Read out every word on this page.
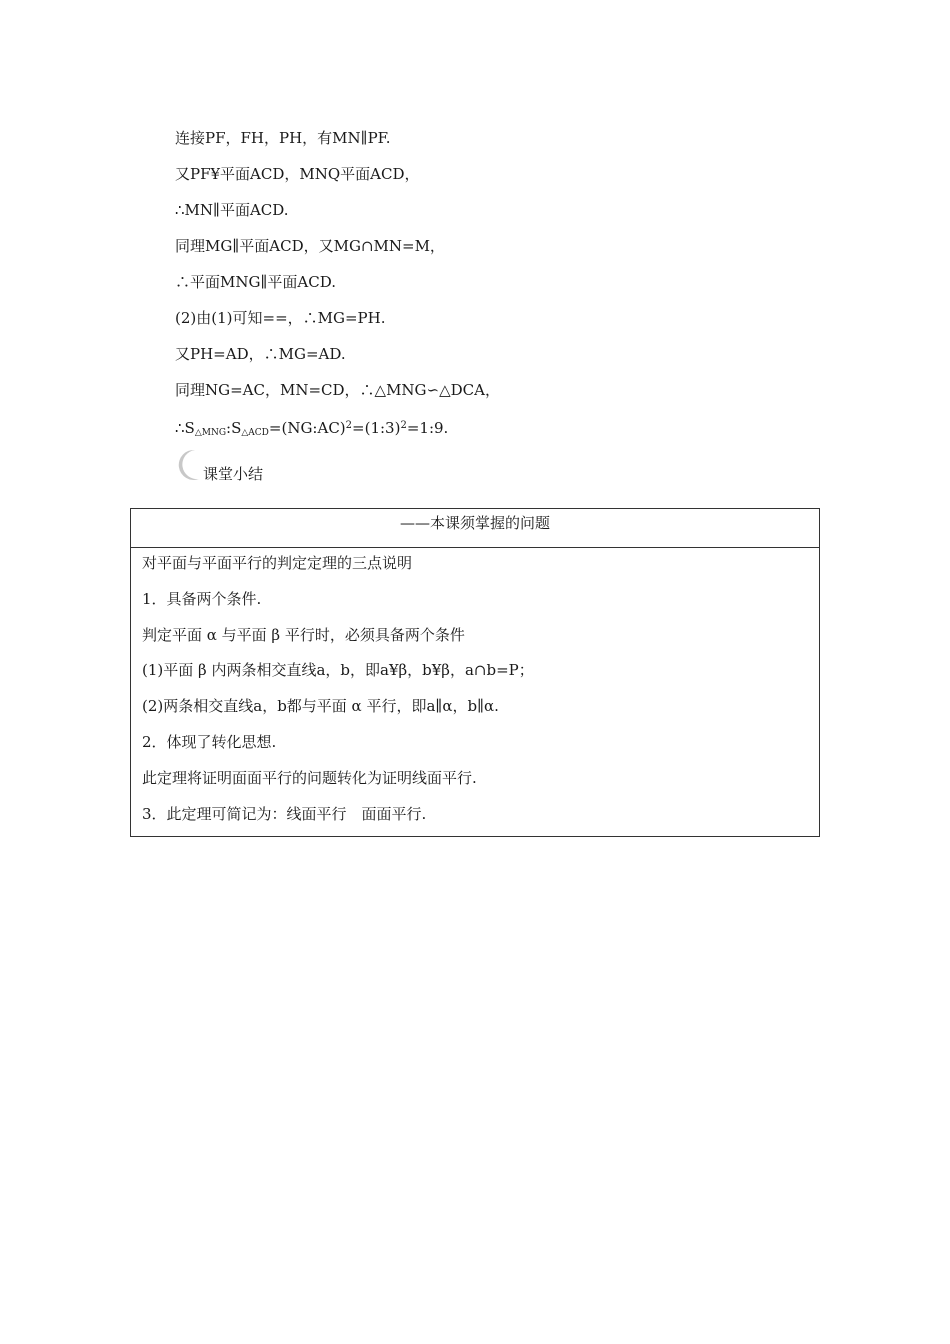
连接PF，FH，PH，有MN∥PF.
又PF¥平面ACD，MNQ平面ACD，
∴MN∥平面ACD.
同理MG∥平面ACD，又MG∩MN=M，
∴平面MNG∥平面ACD.
(2)由(1)可知==，∴MG=PH.
又PH=AD，∴MG=AD.
同理NG=AC，MN=CD，∴△MNG∽△DCA，
$\therefore S_{\triangle MNG}:S_{\triangle ACD}=(NG:AC)^2=(1:3)^2=1:9$.
课堂小结
——本课须掌握的问题
对平面与平面平行的判定定理的三点说明
1．具备两个条件.
判定平面 α 与平面 β 平行时，必须具备两个条件
(1)平面 β 内两条相交直线a，b，即a¥β，b¥β，a∩b=P；
(2)两条相交直线a，b都与平面 α 平行，即a∥α，b∥α.
2．体现了转化思想.
此定理将证明面面平行的问题转化为证明线面平行.
3．此定理可简记为：线面平行　面面平行.
